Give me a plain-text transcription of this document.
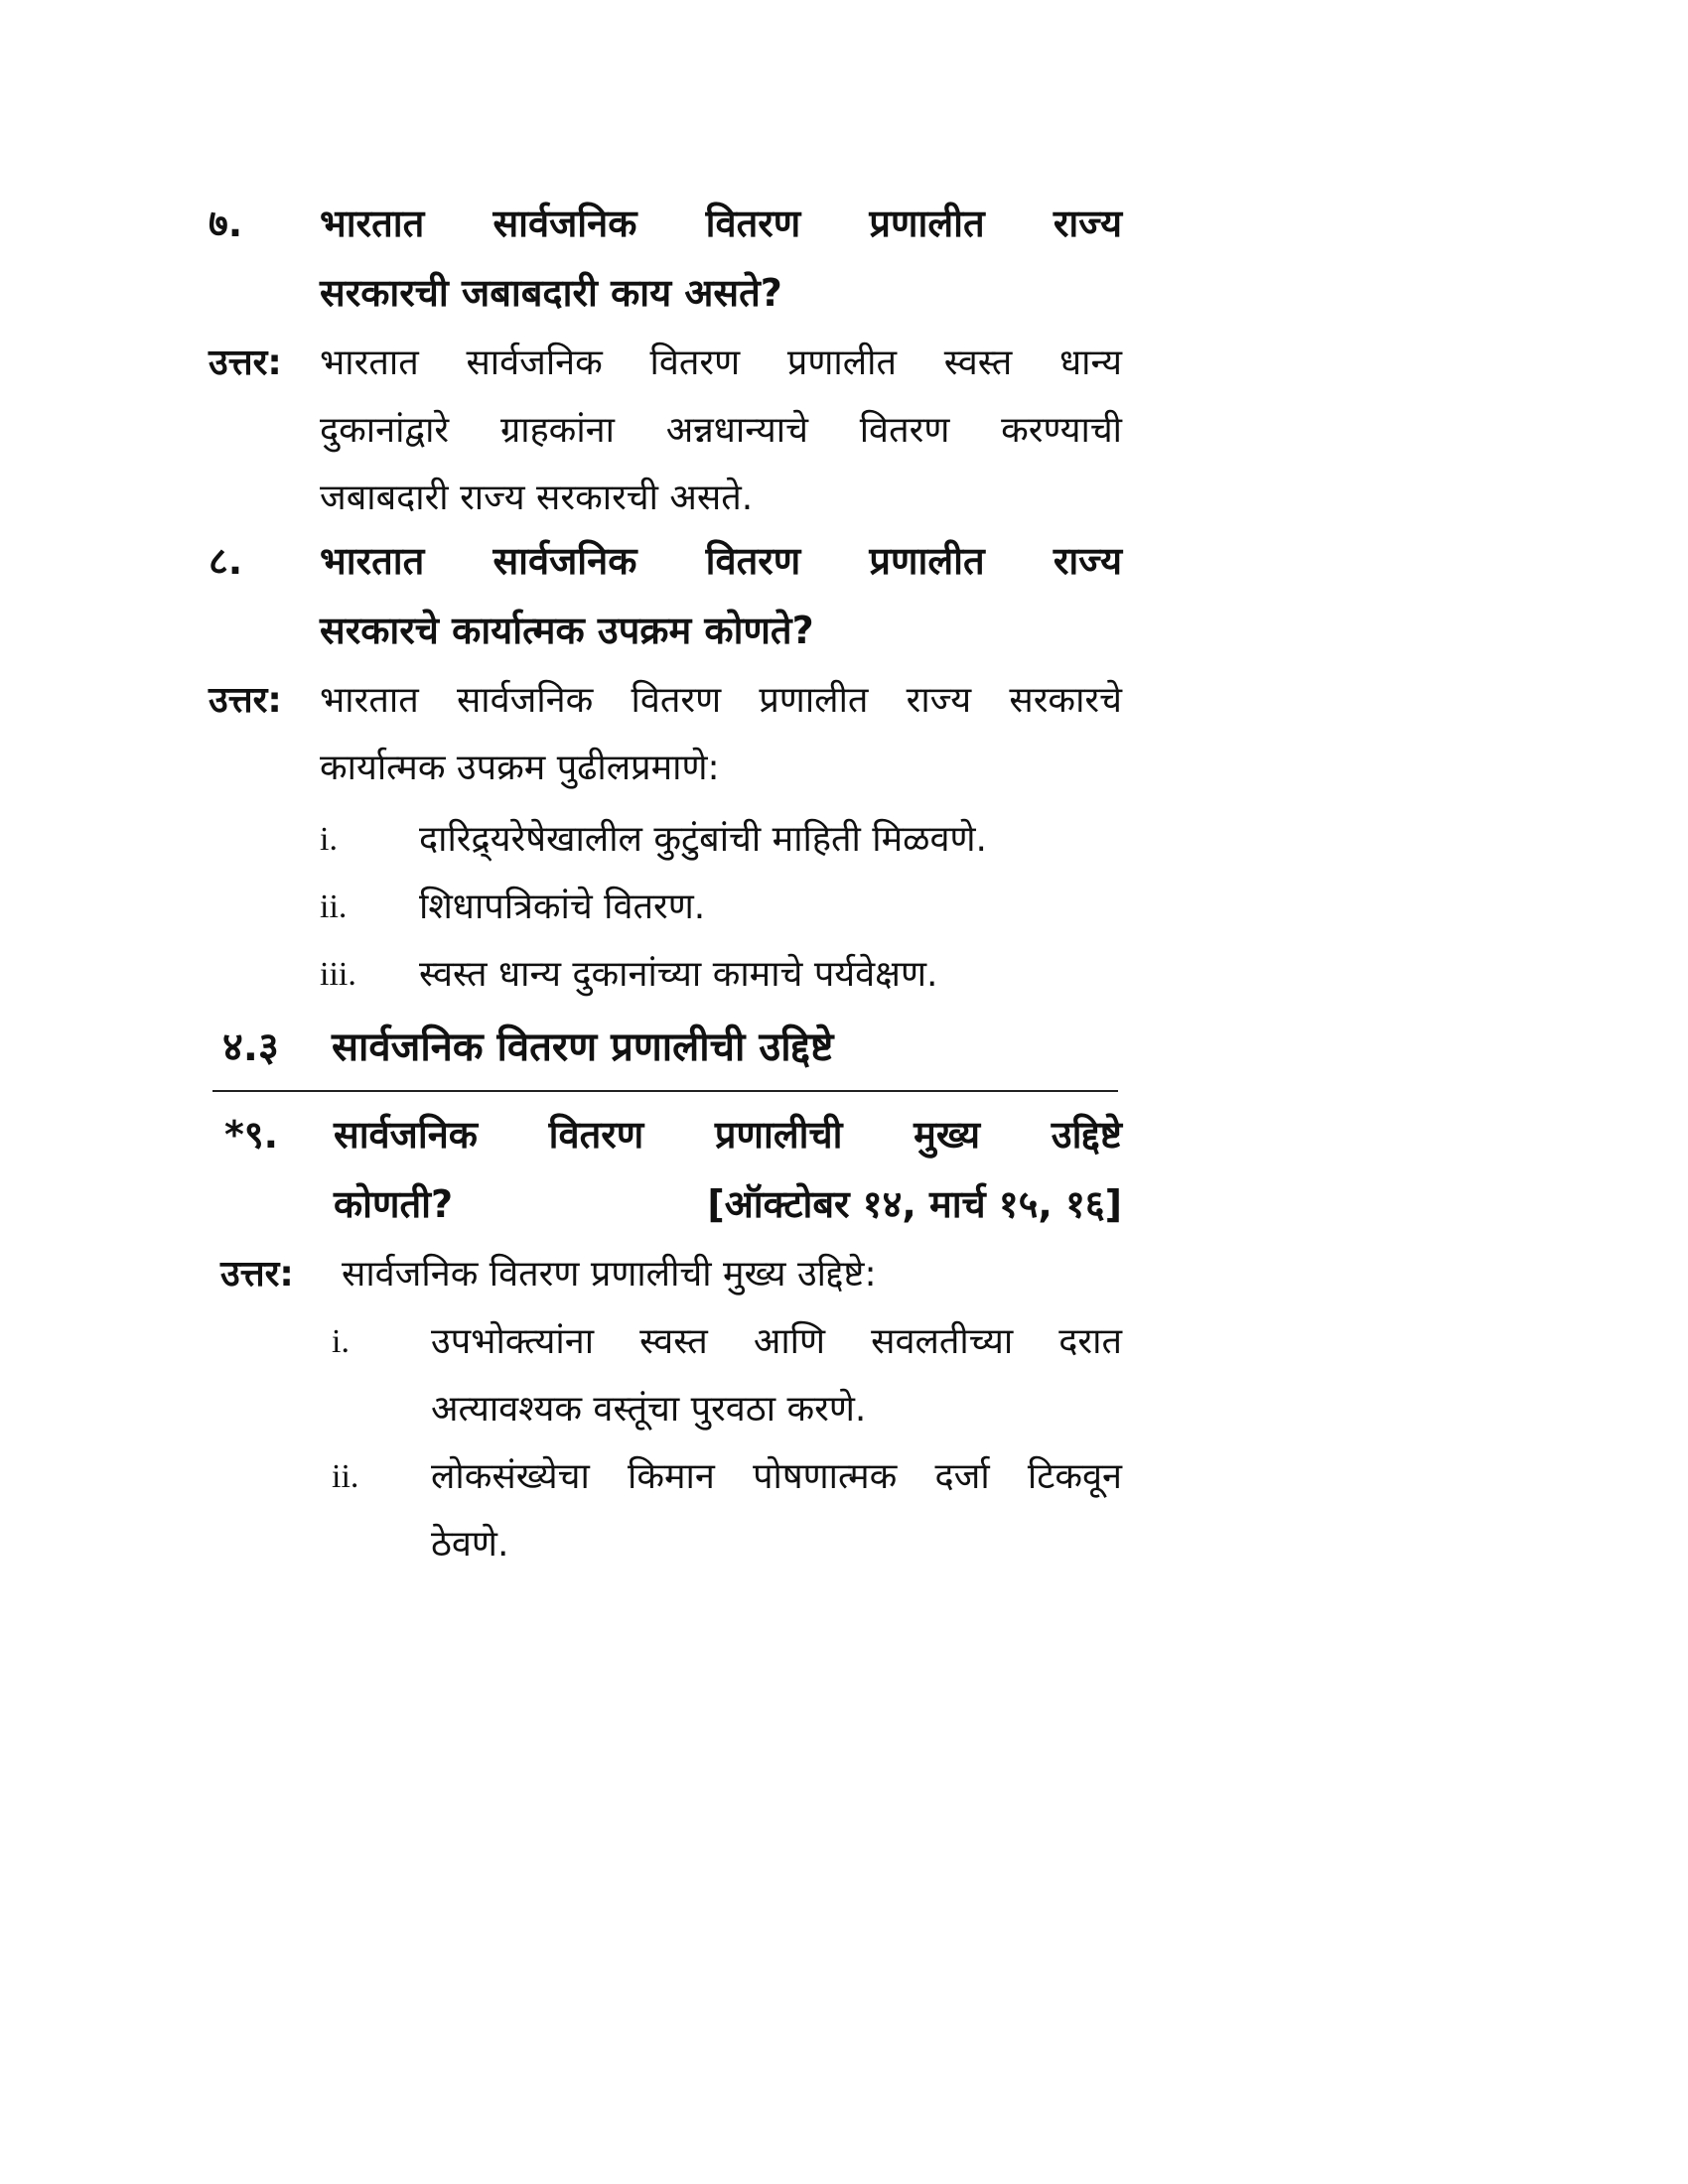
७.	भारतात सार्वजनिक वितरण प्रणालीत राज्य
सरकारची जबाबदारी काय असते?
उत्तर:	भारतात सार्वजनिक वितरण प्रणालीत स्वस्त धान्य
दुकानांद्वारे ग्राहकांना अन्नधान्याचे वितरण करण्याची
जबाबदारी राज्य सरकारची असते.
८.	भारतात सार्वजनिक वितरण प्रणालीत राज्य
सरकारचे कार्यात्मक उपक्रम कोणते?
उत्तर:	भारतात सार्वजनिक वितरण प्रणालीत राज्य सरकारचे
कार्यात्मक उपक्रम पुढीलप्रमाणे:
i.	दारिद्र्यरेषेखालील कुटुंबांची माहिती मिळवणे.
ii.	शिधापत्रिकांचे वितरण.
iii.	स्वस्त धान्य दुकानांच्या कामाचे पर्यवेक्षण.
४.३	सार्वजनिक वितरण प्रणालीची उद्दिष्टे
*९.	सार्वजनिक वितरण प्रणालीची मुख्य उद्दिष्टे
कोणती?	[ऑक्टोबर १४, मार्च १५, १६]
उत्तर:	सार्वजनिक वितरण प्रणालीची मुख्य उद्दिष्टे:
i.	उपभोक्त्यांना स्वस्त आणि सवलतीच्या दरात
अत्यावश्यक वस्तूंचा पुरवठा करणे.
ii.	लोकसंख्येचा किमान पोषणात्मक दर्जा टिकवून
ठेवणे.
